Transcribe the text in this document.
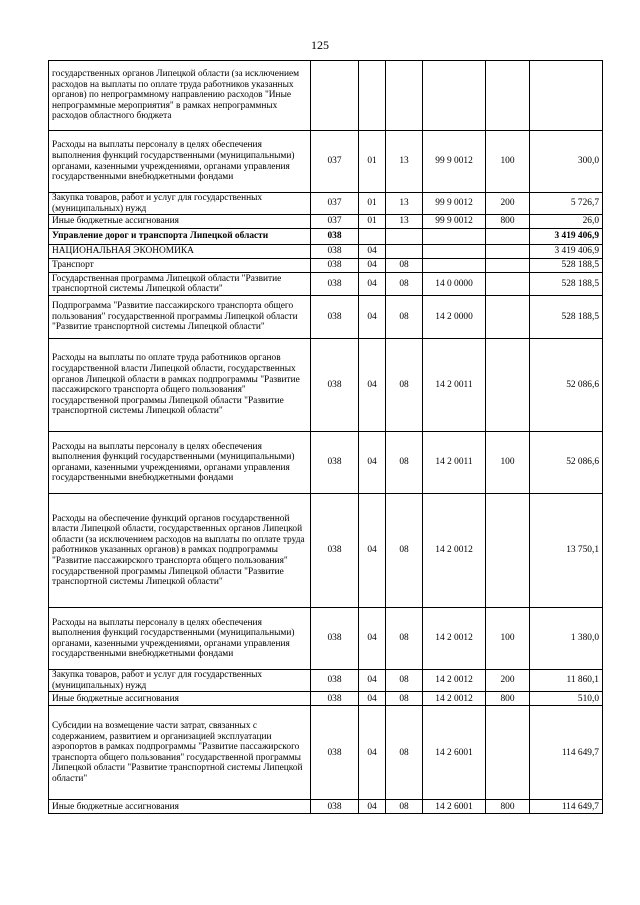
125
государственных органов Липецкой области (за исключением расходов на выплаты по оплате труда работников указанных органов) по непрограммному направлению расходов "Иные непрограммные мероприятия" в рамках непрограммных расходов областного бюджета						
Расходы на выплаты персоналу в целях обеспечения выполнения функций государственными (муниципальными) органами, казенными учреждениями, органами управления государственными внебюджетными фондами	037	01	13	99 9 0012	100	300,0
Закупка товаров, работ и услуг для государственных (муниципальных) нужд	037	01	13	99 9 0012	200	5 726,7
Иные бюджетные ассигнования	037	01	13	99 9 0012	800	26,0
Управление дорог и транспорта Липецкой области	038					3 419 406,9
НАЦИОНАЛЬНАЯ ЭКОНОМИКА	038	04				3 419 406,9
Транспорт	038	04	08			528 188,5
Государственная программа Липецкой области "Развитие транспортной системы Липецкой области"	038	04	08	14 0 0000		528 188,5
Подпрограмма "Развитие пассажирского транспорта общего пользования" государственной программы Липецкой области "Развитие транспортной системы Липецкой области"	038	04	08	14 2 0000		528 188,5
Расходы на выплаты по оплате труда работников органов государственной власти Липецкой области, государственных органов Липецкой области в рамках подпрограммы "Развитие пассажирского транспорта общего пользования" государственной программы Липецкой области "Развитие транспортной системы Липецкой области"	038	04	08	14 2 0011		52 086,6
Расходы на выплаты персоналу в целях обеспечения выполнения функций государственными (муниципальными) органами, казенными учреждениями, органами управления государственными внебюджетными фондами	038	04	08	14 2 0011	100	52 086,6
Расходы на обеспечение функций органов государственной власти Липецкой области, государственных органов Липецкой области (за исключением расходов на выплаты по оплате труда работников указанных органов) в рамках подпрограммы "Развитие пассажирского транспорта общего пользования" государственной программы Липецкой области "Развитие транспортной системы Липецкой области"	038	04	08	14 2 0012		13 750,1
Расходы на выплаты персоналу в целях обеспечения выполнения функций государственными (муниципальными) органами, казенными учреждениями, органами управления государственными внебюджетными фондами	038	04	08	14 2 0012	100	1 380,0
Закупка товаров, работ и услуг для государственных (муниципальных) нужд	038	04	08	14 2 0012	200	11 860,1
Иные бюджетные ассигнования	038	04	08	14 2 0012	800	510,0
Субсидии на возмещение части затрат, связанных с содержанием, развитием и организацией эксплуатации аэропортов в рамках подпрограммы "Развитие пассажирского транспорта общего пользования" государственной программы Липецкой области "Развитие транспортной системы Липецкой области"	038	04	08	14 2 6001		114 649,7
Иные бюджетные ассигнования	038	04	08	14 2 6001	800	114 649,7
